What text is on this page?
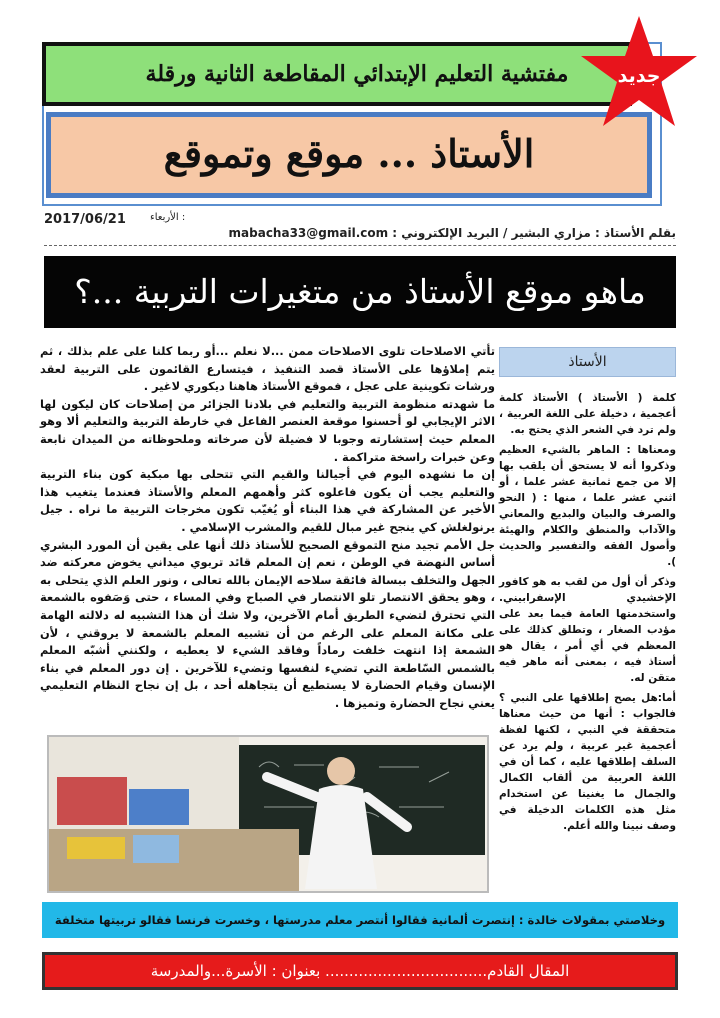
مفتشية التعليم الإبتدائي المقاطعة الثانية ورقلة
الأستاذ ... موقع وتموقع
جديد
2017/06/21 الأربعاء :
بقلم الأستاذ : مزاري البشير / البريد الإلكتروني : mabacha33@gmail.com
ماهو موقع الأستاذ من متغيرات التربية ...؟
الأستاذ

كلمة ( الأستاذ ) الأستاذ كلمة أعجمية ، دخيلة على اللغة العربية ، ولم ترد في الشعر الذي يحتج به.

ومعناها : الماهر بالشيء العظيم وذكروا أنه لا يستحق أن يلقب بها إلا من جمع ثمانية عشر علما ، أو اثني عشر علما ، منها : ( النحو والصرف والبيان والبديع والمعاني والآداب والمنطق والكلام والهيئة وأصول الفقه والتفسير والحديث ).

وذكر أن أول من لقب به هو كافور الإخشيدي الإسفرابيني. واستخدمتها العامة فيما بعد على مؤدب الصغار ، وتطلق كذلك على المعظم في أي أمر ، يقال هو أستاذ فيه ، بمعنى أنه ماهر فيه متقن له.

أما:هل يصح إطلاقها على النبي ؟ فالجواب : أنها من حيث معناها متحققة في النبي ، لكنها لفظة أعجمية غير عربية ، ولم يرد عن السلف إطلاقها عليه ، كما أن في اللغة العربية من ألقاب الكمال والجمال ما يغنينا عن استخدام مثل هذه الكلمات الدخيلة في وصف نبينا والله أعلم.

تأتي الاصلاحات تلوى الاصلاحات ممن ...لا نعلم ...أو ربما كلنا على علم بذلك ، ثم يتم إملاؤها على الأستاذ قصد التنفيذ ، فيتسارع القائمون على التربية لعقد ورشات تكوينية على عجل ، فموقع الأستاذ هاهنا ديكوري لاغير .

ما شهدته منظومة التربية والتعليم في بلادنا الجزائر من إصلاحات كان ليكون لها الاثر الإيجابي لو أحسنوا موقعة العنصر الفاعل في خارطة التربية والتعليم ألا وهو المعلم حيث إستشارته وجوبا لا فضيلة لأن صرخاته وملحوظاته من الميدان نابعة وعن خبرات راسخة متراكمة .

إن ما نشهده اليوم في أجيالنا والقيم التي تتحلى بها مبكية كون بناء التربية والتعليم يجب أن يكون فاعلوه كثر وأهمهم المعلم والأستاذ فعندما يتغيب هذا الأخير عن المشاركة في هذا البناء أو يُغيّب تكون مخرجات التربية ما نراه . جيل يرنولغلش كي ينجح غير مبال للقيم والمشرب الإسلامي .

جل الأمم تجيد منح التموقع الصحيح للأستاذ ذلك أنها على يقين أن المورد البشري أساس النهضة في الوطن ، نعم إن المعلم قائد تربوي ميداني يخوض معركته ضد الجهل والتخلف ببسالة فائقة سلاحه الإيمان بالله تعالى ، ونور العلم الذي يتحلى به ، وهو يحقق الانتصار تلو الانتصار في الصباح وفي المساء ، حتى وَصَفوه بالشمعة التي تحترق لتضيء الطريق أمام الآخرين، ولا شك أن هذا التشبيه له دلالته الهامة على مكانة المعلم على الرغم من أن تشبيه المعلم بالشمعة لا يروقني ، لأن الشمعة إذا انتهت خلفت رماداً وفاقد الشيء لا يعطيه ، ولكنني أشبّه المعلم بالشمس السّاطعة التي تضيء لنفسها وتضيء للآخرين . إن دور المعلم في بناء الإنسان وقيام الحضارة لا يستطيع أن يتجاهله أحد ، بل إن نجاح النظام التعليمي يعني نجاح الحضارة وتميزها .

وخلاصتي بمقولات خالدة : إنتصرت ألمانية فقالوا أنتصر معلم مدرستها ، وخسرت فرنسا فقالو تربيتها متخلفة
المقال القادم.................................. بعنوان : الأسرة...والمدرسة
